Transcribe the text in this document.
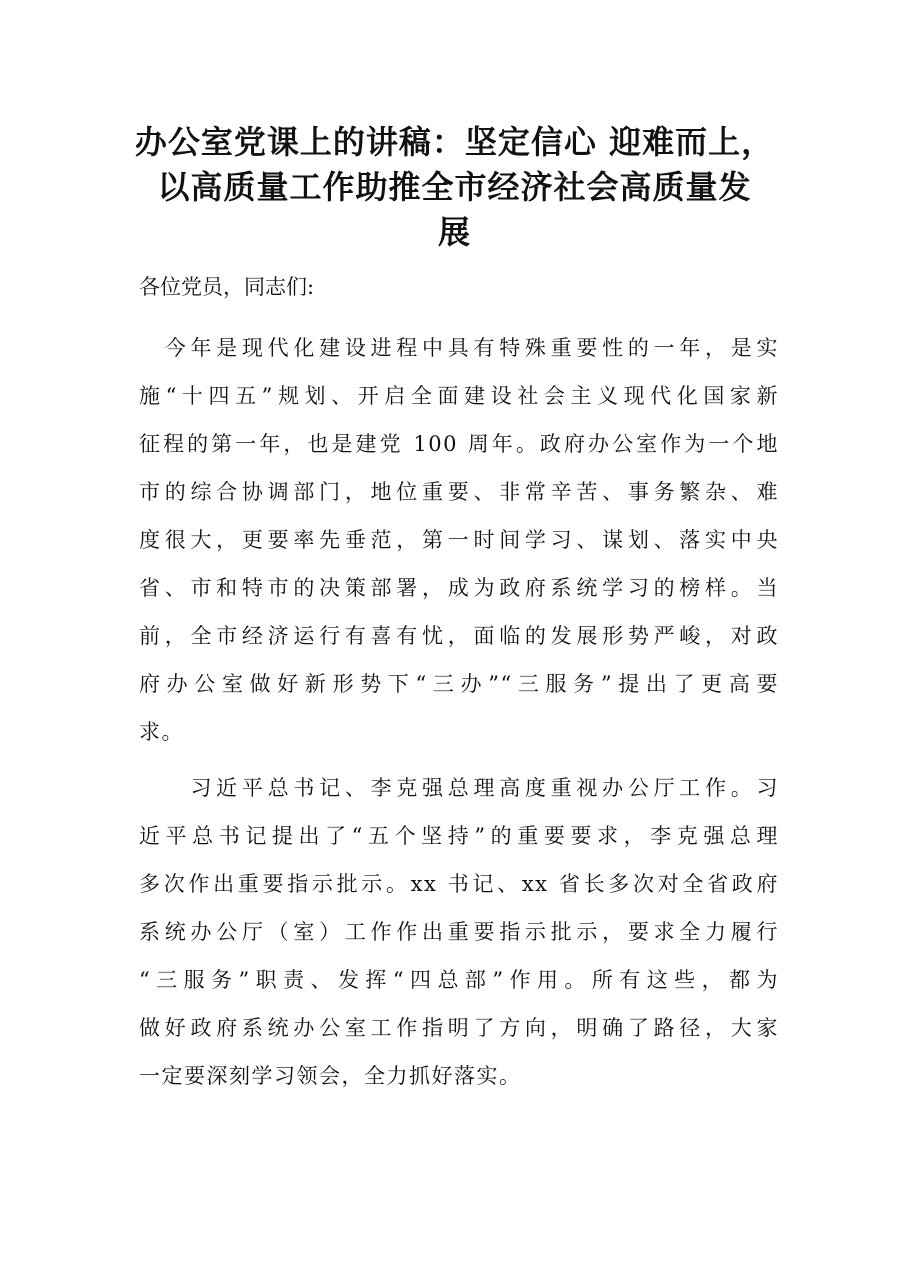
办公室党课上的讲稿：坚定信心 迎难而上，
以高质量工作助推全市经济社会高质量发
展

各位党员，同志们:

　今年是现代化建设进程中具有特殊重要性的一年，是实
施“十四五”规划、开启全面建设社会主义现代化国家新
征程的第一年，也是建党 100 周年。政府办公室作为一个地
市的综合协调部门，地位重要、非常辛苦、事务繁杂、难
度很大，更要率先垂范，第一时间学习、谋划、落实中央
省、市和特市的决策部署，成为政府系统学习的榜样。当
前，全市经济运行有喜有忧，面临的发展形势严峻，对政
府办公室做好新形势下“三办”“三服务”提出了更高要
求。
　　习近平总书记、李克强总理高度重视办公厅工作。习
近平总书记提出了“五个坚持”的重要要求，李克强总理
多次作出重要指示批示。xx 书记、xx 省长多次对全省政府
系统办公厅（室）工作作出重要指示批示，要求全力履行
“三服务”职责、发挥“四总部”作用。所有这些，都为
做好政府系统办公室工作指明了方向，明确了路径，大家
一定要深刻学习领会，全力抓好落实。
